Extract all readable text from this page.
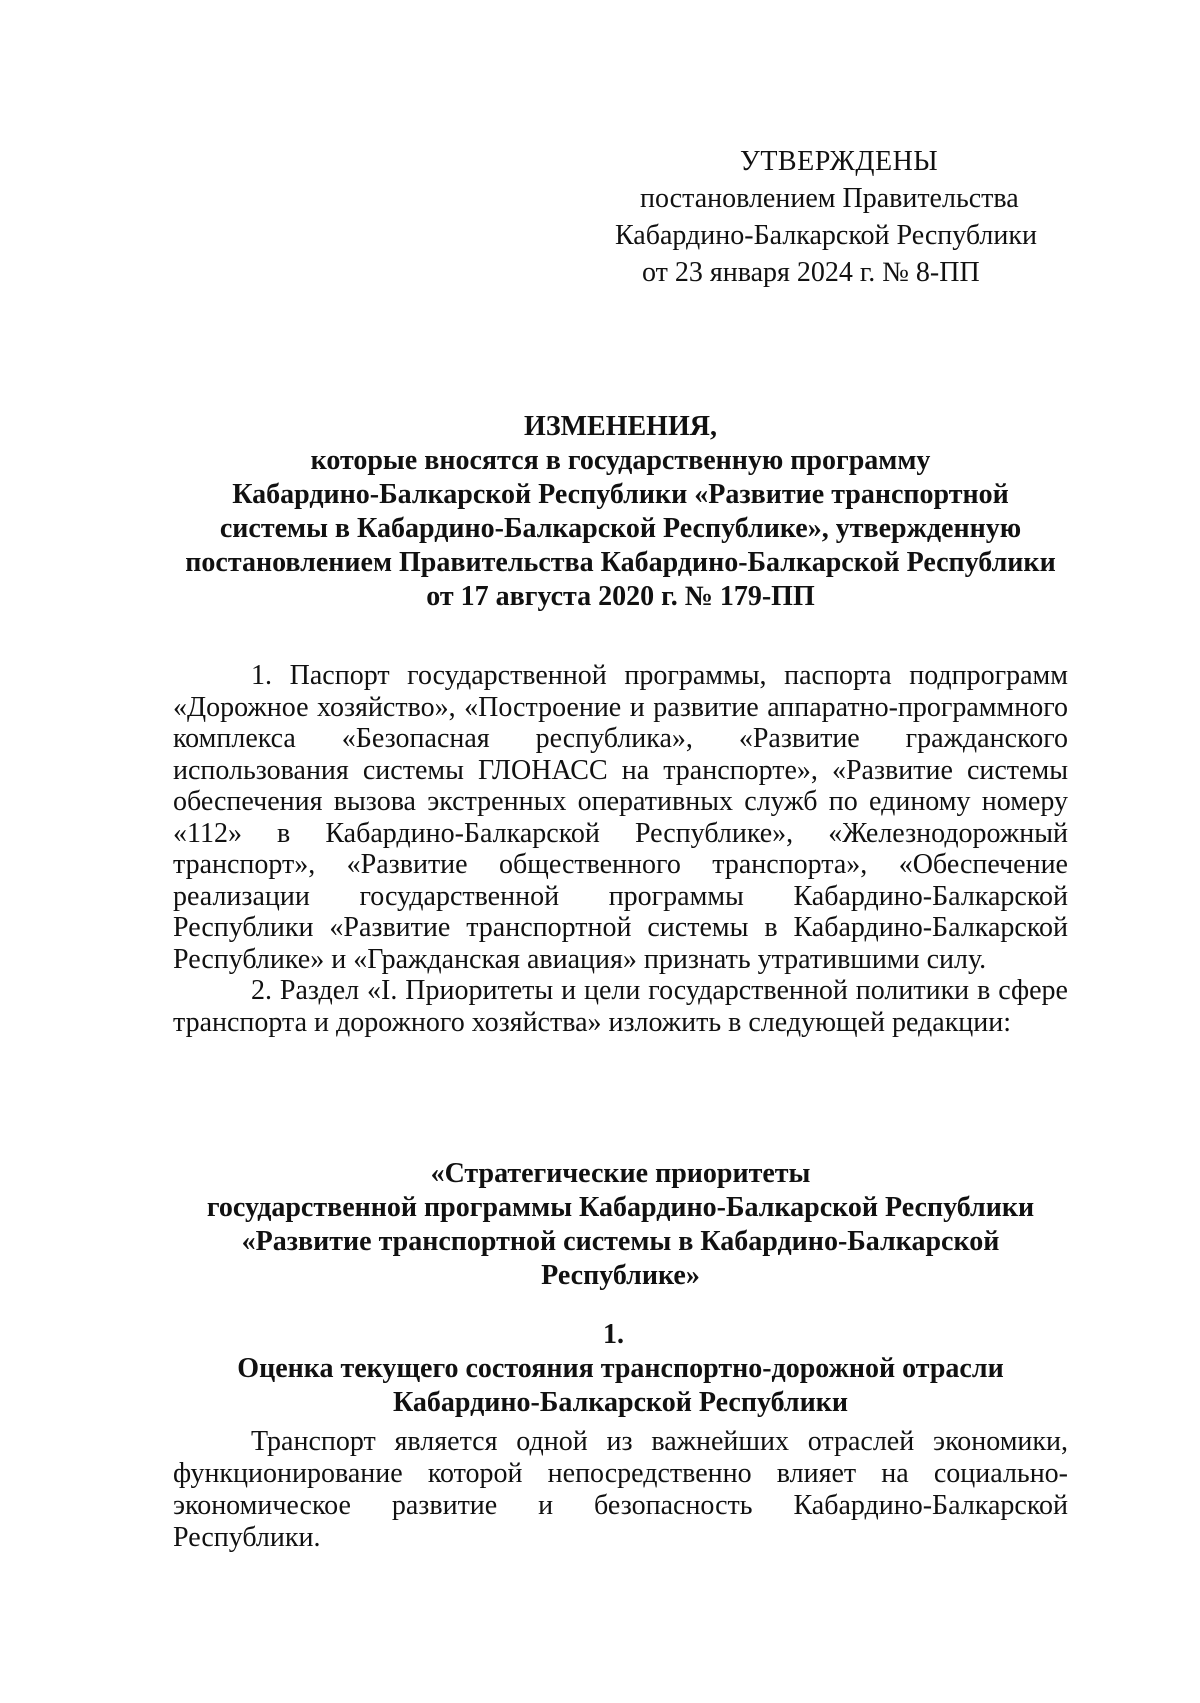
УТВЕРЖДЕНЫ
постановлением Правительства
Кабардино-Балкарской Республики
от 23 января 2024 г. № 8-ПП
ИЗМЕНЕНИЯ,
которые вносятся в государственную программу
Кабардино-Балкарской Республики «Развитие транспортной
системы в Кабардино-Балкарской Республике», утвержденную
постановлением Правительства Кабардино-Балкарской Республики
от 17 августа 2020 г. № 179-ПП

1. Паспорт государственной программы, паспорта подпрограмм «Дорожное хозяйство», «Построение и развитие аппаратно-программного комплекса «Безопасная республика», «Развитие гражданского использования системы ГЛОНАСС на транспорте», «Развитие системы обеспечения вызова экстренных оперативных служб по единому номеру «112» в Кабардино-Балкарской Республике», «Железнодорожный транспорт», «Развитие общественного транспорта», «Обеспечение реализации государственной программы Кабардино-Балкарской Республики «Развитие транспортной системы в Кабардино-Балкарской Республике» и «Гражданская авиация» признать утратившими силу.

2. Раздел «I. Приоритеты и цели государственной политики в сфере транспорта и дорожного хозяйства» изложить в следующей редакции:

«Стратегические приоритеты
государственной программы Кабардино-Балкарской Республики
«Развитие транспортной системы в Кабардино-Балкарской
Республике»
1.
Оценка текущего состояния транспортно-дорожной отрасли
Кабардино-Балкарской Республики

Транспорт является одной из важнейших отраслей экономики, функционирование которой непосредственно влияет на социально-экономическое развитие и безопасность Кабардино-Балкарской Республики.
